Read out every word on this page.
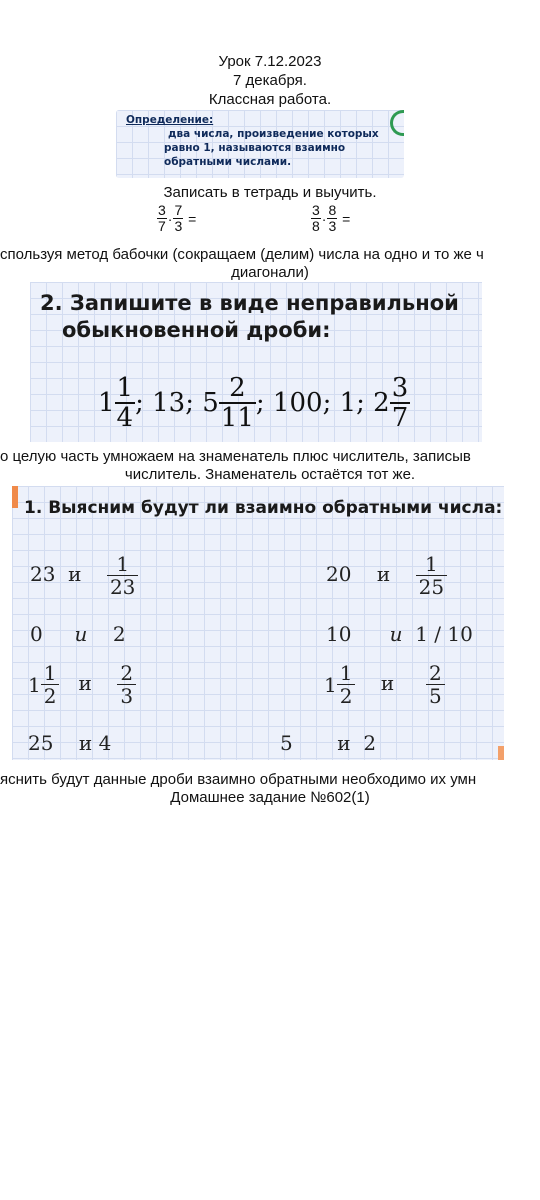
Урок 7.12.2023
7 декабря.
Классная работа.
Определение:
два числа, произведение которых
равно 1, называются взаимно
обратными числами.
Записать в тетрадь и выучить.
$\frac{3}{7} \cdot \frac{7}{3}$ =	$\frac{3}{8} \cdot \frac{8}{3}$ =
спользуя метод бабочки (сокращаем (делим) числа на одно и то же ч
диагонали)
2. Запишите в виде неправильной
обыкновенной дроби:
$1 \frac{1}{4}$ ; 13; $5 \frac{2}{11}$ ; 100; 1; $2 \frac{3}{7}$
о целую часть умножаем на знаменатель плюс числитель, записыв
числитель. Знаменатель остаётся тот же.
1. Выясним будут ли взаимно обратными числа:
23 и $\frac{1}{23}$	20 и $\frac{1}{25}$
0 и 2	10 и 1 / 10
$1 \frac{1}{2}$ и $\frac{2}{3}$	$1 \frac{1}{2}$ и $\frac{2}{5}$
25 и 4	5 и 2
яснить будут данные дроби взаимно обратными необходимо их умн
Домашнее задание №602(1)
